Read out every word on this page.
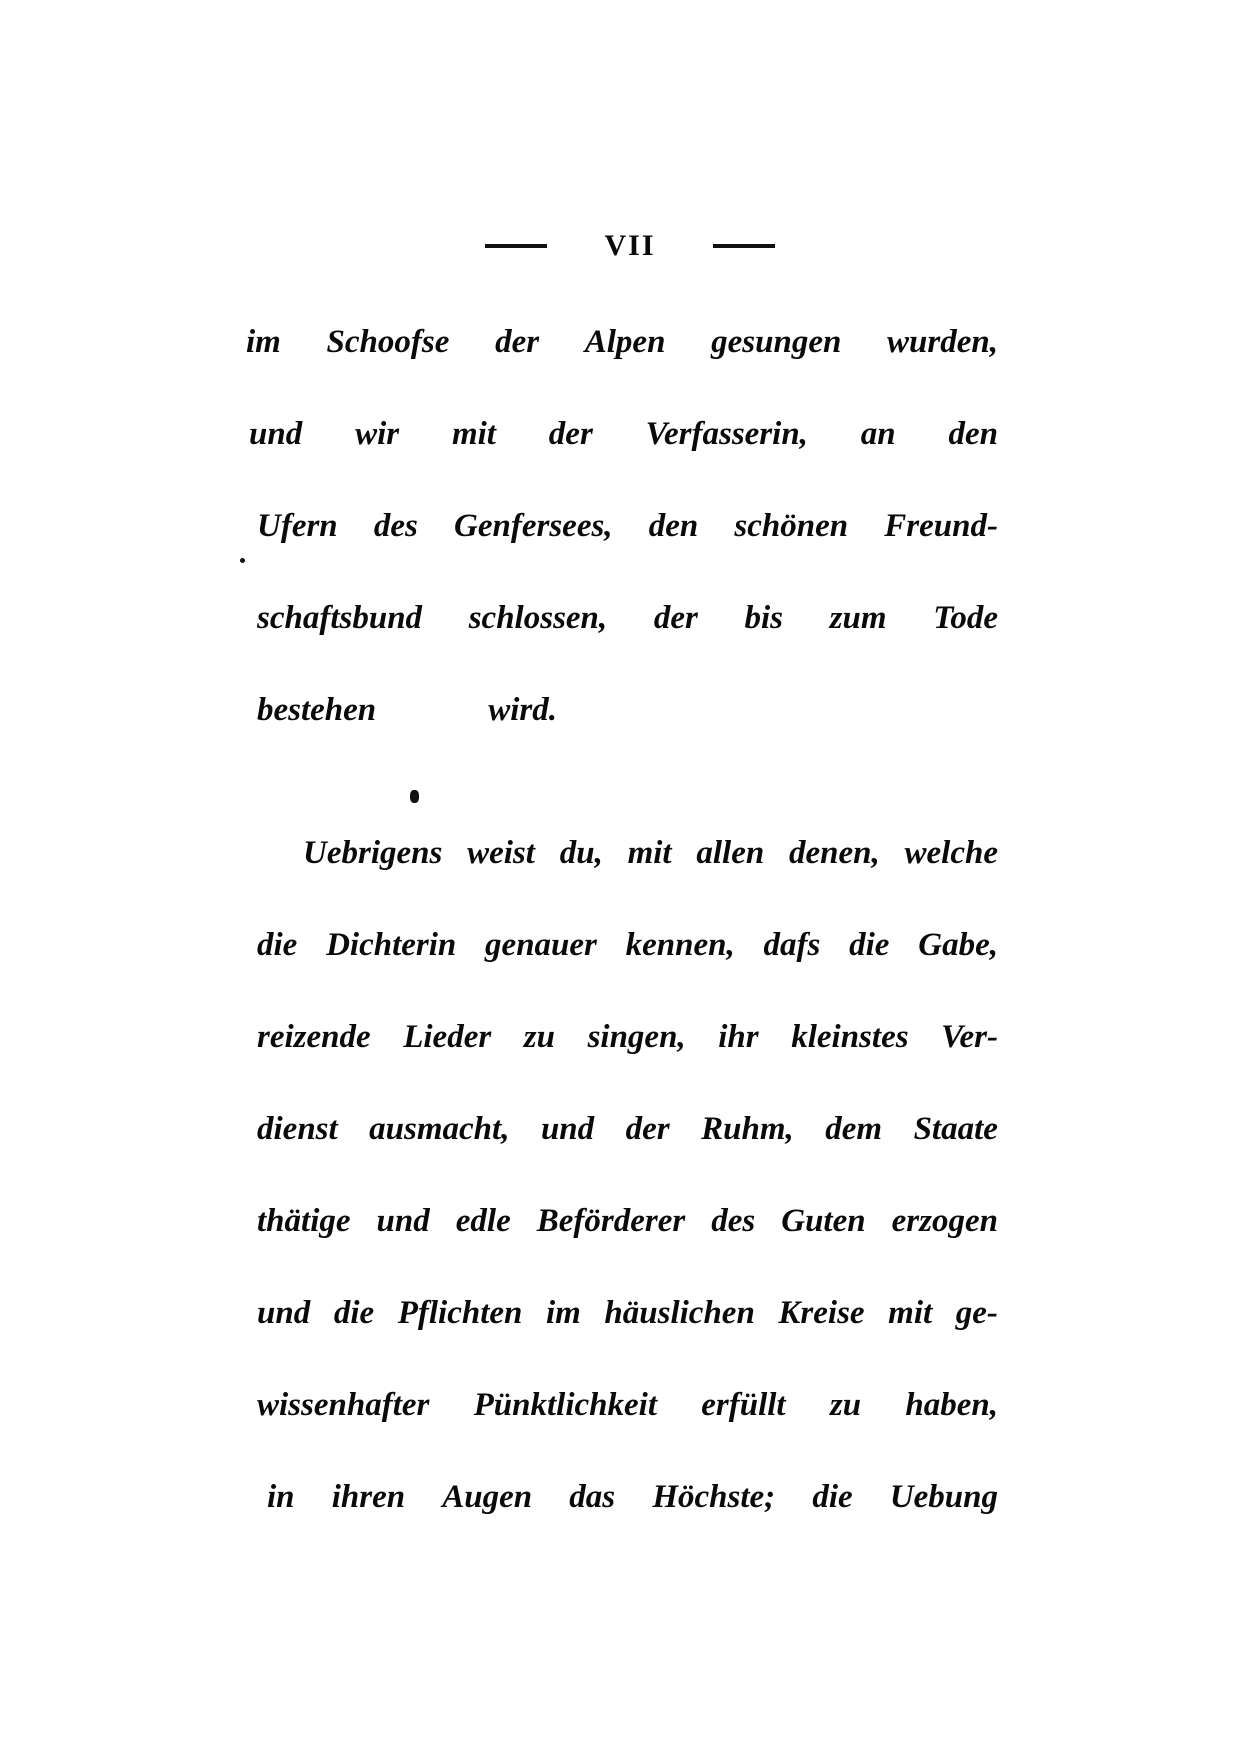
VII
im Schoofse der Alpen gesungen wurden,
und wir mit der Verfasserin, an den
Ufern des Genfersees, den schönen Freund-
schaftsbund schlossen, der bis zum Tode
bestehen	wird.
Uebrigens weist du, mit allen denen, welche
die Dichterin genauer kennen, dafs die Gabe,
reizende Lieder zu singen, ihr kleinstes Ver-
dienst ausmacht, und der Ruhm, dem Staate
thätige und edle Beförderer des Guten erzogen
und die Pflichten im häuslichen Kreise mit ge-
wissenhafter Pünktlichkeit erfüllt zu haben,
in ihren Augen das Höchste; die Uebung
